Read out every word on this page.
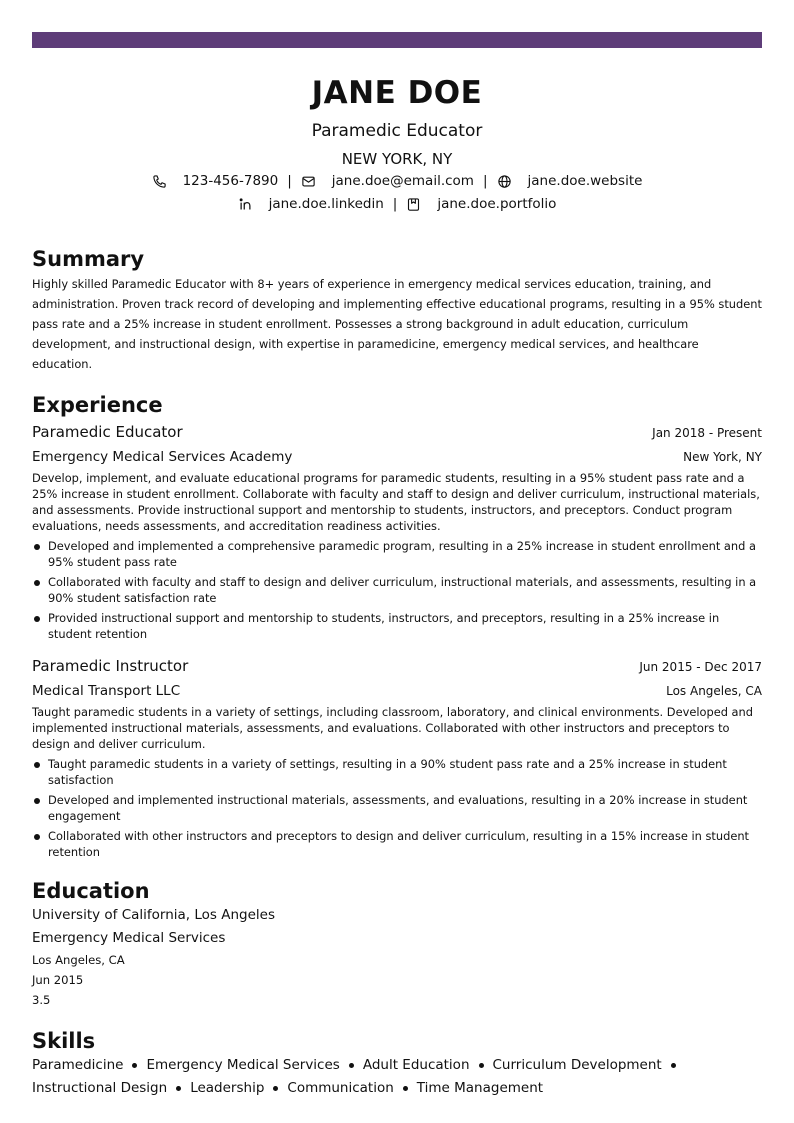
JANE DOE
Paramedic Educator
NEW YORK, NY
123-456-7890 |	jane.doe@email.com |	jane.doe.website
jane.doe.linkedin |	jane.doe.portfolio
Summary
Highly skilled Paramedic Educator with 8+ years of experience in emergency medical services education, training, and administration. Proven track record of developing and implementing effective educational programs, resulting in a 95% student pass rate and a 25% increase in student enrollment. Possesses a strong background in adult education, curriculum development, and instructional design, with expertise in paramedicine, emergency medical services, and healthcare education.
Experience
Paramedic Educator	Jan 2018 - Present
Emergency Medical Services Academy	New York, NY
Develop, implement, and evaluate educational programs for paramedic students, resulting in a 95% student pass rate and a 25% increase in student enrollment. Collaborate with faculty and staff to design and deliver curriculum, instructional materials, and assessments. Provide instructional support and mentorship to students, instructors, and preceptors. Conduct program evaluations, needs assessments, and accreditation readiness activities.
Developed and implemented a comprehensive paramedic program, resulting in a 25% increase in student enrollment and a 95% student pass rate
Collaborated with faculty and staff to design and deliver curriculum, instructional materials, and assessments, resulting in a 90% student satisfaction rate
Provided instructional support and mentorship to students, instructors, and preceptors, resulting in a 25% increase in student retention
Paramedic Instructor	Jun 2015 - Dec 2017
Medical Transport LLC	Los Angeles, CA
Taught paramedic students in a variety of settings, including classroom, laboratory, and clinical environments. Developed and implemented instructional materials, assessments, and evaluations. Collaborated with other instructors and preceptors to design and deliver curriculum.
Taught paramedic students in a variety of settings, resulting in a 90% student pass rate and a 25% increase in student satisfaction
Developed and implemented instructional materials, assessments, and evaluations, resulting in a 20% increase in student engagement
Collaborated with other instructors and preceptors to design and deliver curriculum, resulting in a 15% increase in student retention
Education
University of California, Los Angeles
Emergency Medical Services
Los Angeles, CA
Jun 2015
3.5
Skills
Paramedicine Emergency Medical Services Adult Education Curriculum Development
Instructional Design Leadership Communication Time Management
